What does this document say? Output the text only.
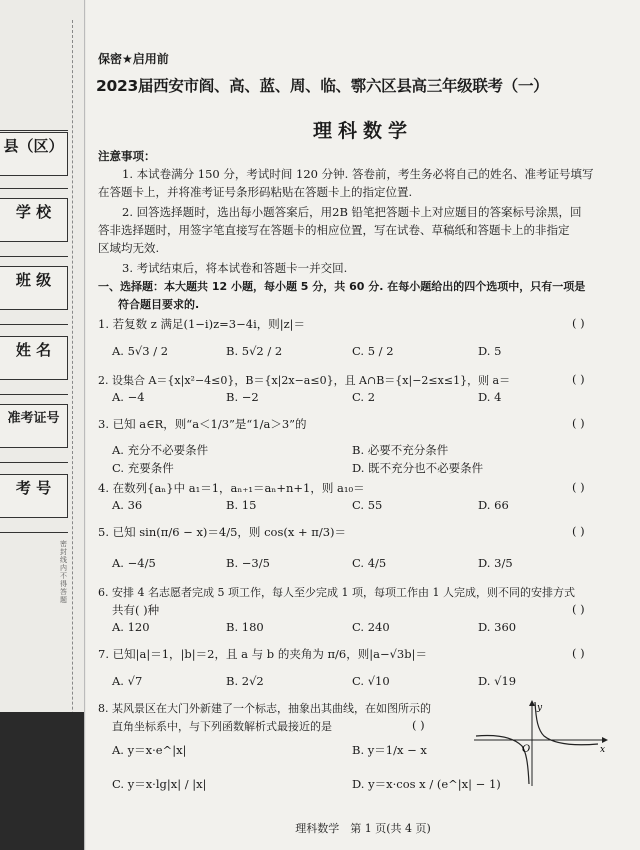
县（区）
学 校
班 级
姓 名
准考证号
考 号
密封线内不得答题
保密★启用前
2023届西安市阎、高、蓝、周、临、鄠六区县高三年级联考（一）
理科数学
注意事项：
1. 本试卷满分 150 分，考试时间 120 分钟. 答卷前，考生务必将自己的姓名、准考证号填写
在答题卡上，并将准考证号条形码粘贴在答题卡上的指定位置.
2. 回答选择题时，选出每小题答案后，用2B 铅笔把答题卡上对应题目的答案标号涂黑，回
答非选择题时，用签字笔直接写在答题卡的相应位置，写在试卷、草稿纸和答题卡上的非指定
区域均无效.
3. 考试结束后，将本试卷和答题卡一并交回.
一、选择题：本大题共 12 小题，每小题 5 分，共 60 分. 在每小题给出的四个选项中，只有一项是
符合题目要求的.
1. 若复数 z 满足(1−i)z=3−4i，则|z|＝	( )
A. 5√3 / 2	B. 5√2 / 2	C. 5 / 2	D. 5
2. 设集合 A＝{x|x²−4≤0}，B＝{x|2x−a≤0}，且 A∩B＝{x|−2≤x≤1}，则 a＝	( )
A. −4	B. −2	C. 2	D. 4
3. 已知 a∈R，则“a＜1/3”是“1/a＞3”的	( )
A. 充分不必要条件	B. 必要不充分条件
C. 充要条件	D. 既不充分也不必要条件
4. 在数列{aₙ}中 a₁＝1，aₙ₊₁＝aₙ+n+1，则 a₁₀＝	( )
A. 36	B. 15	C. 55	D. 66
5. 已知 sin(π/6 − x)＝4/5，则 cos(x + π/3)＝	( )
A. −4/5	B. −3/5	C. 4/5	D. 3/5
6. 安排 4 名志愿者完成 5 项工作，每人至少完成 1 项，每项工作由 1 人完成，则不同的安排方式
共有( )种	( )
A. 120	B. 180	C. 240	D. 360
7. 已知|a|＝1，|b|＝2，且 a 与 b 的夹角为 π/6，则|a−√3b|＝	( )
A. √7	B. 2√2	C. √10	D. √19
8. 某风景区在大门外新建了一个标志，抽象出其曲线，在如图所示的
直角坐标系中，与下列函数解析式最接近的是	( )
A. y＝x·e^|x|	B. y＝1/x − x
C. y＝x·lg|x| / |x|	D. y＝x·cos x / (e^|x| − 1)
O	x
y
理科数学　第 1 页(共 4 页)
